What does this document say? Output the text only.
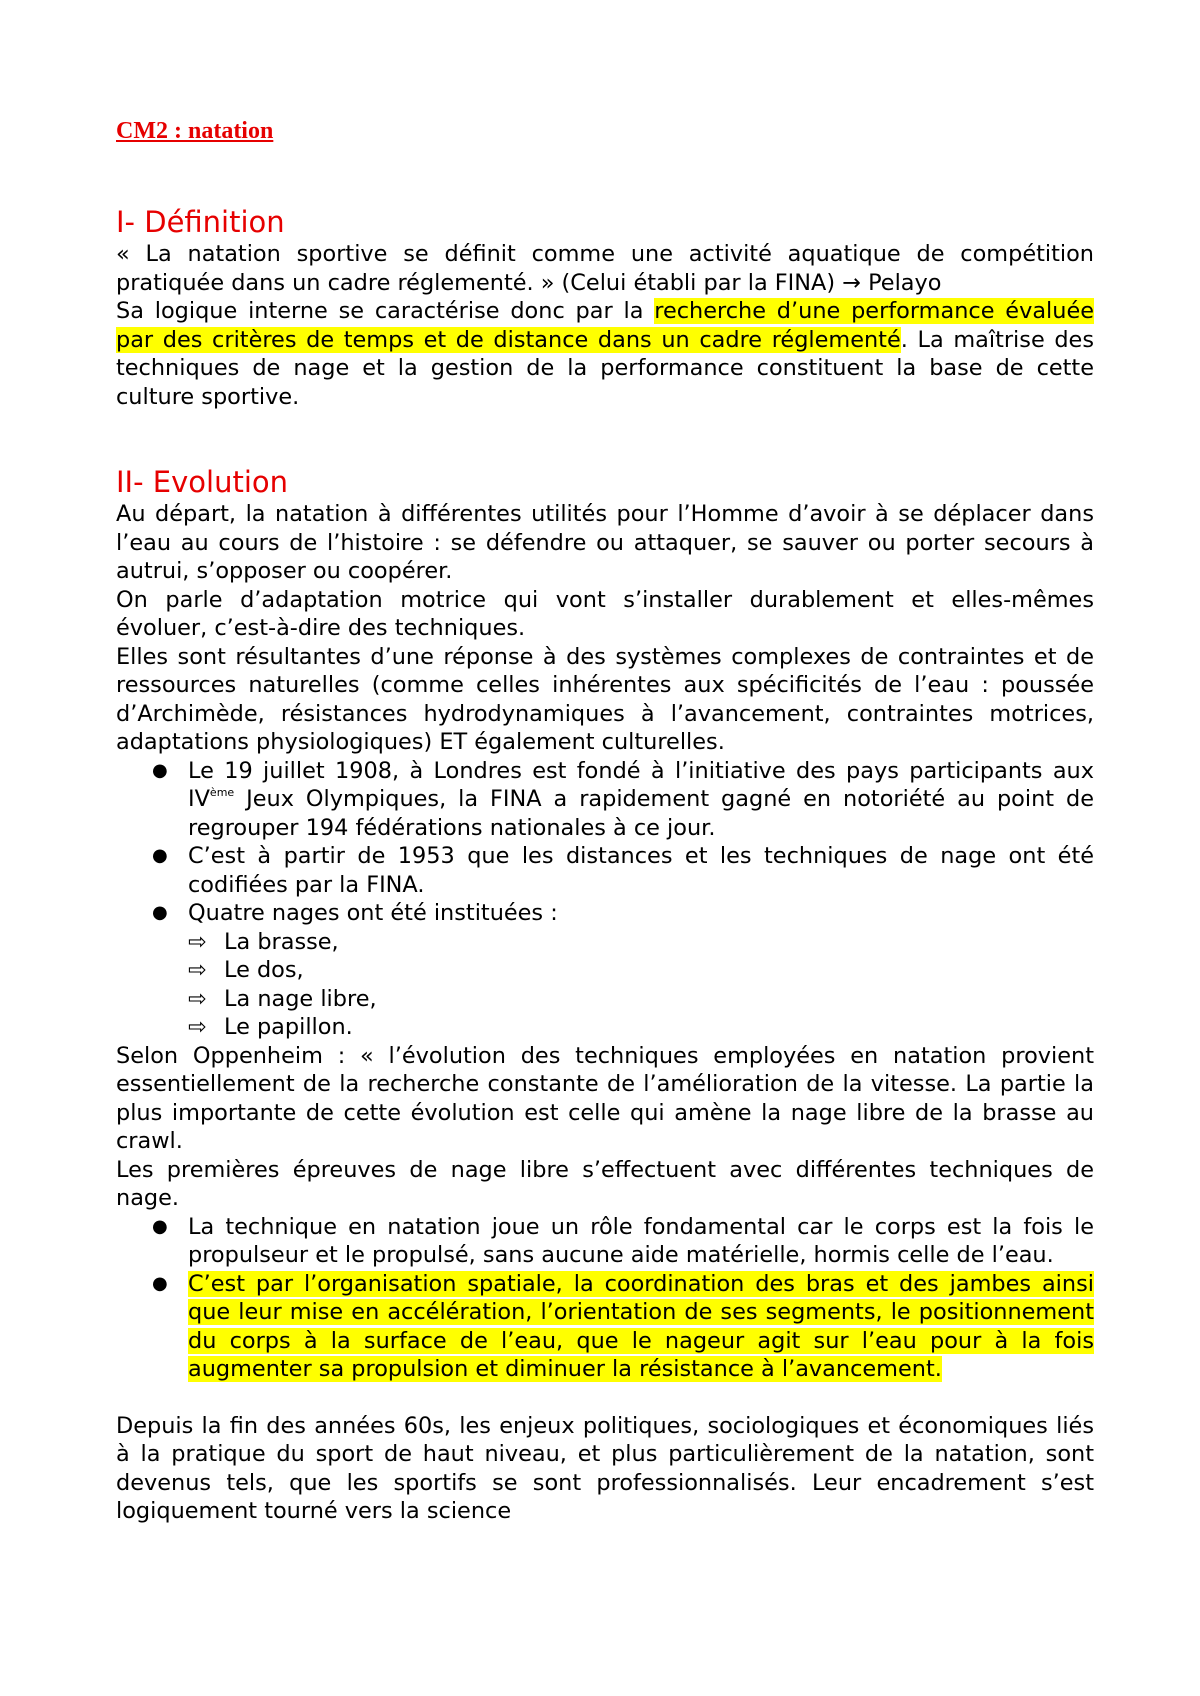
CM2 : natation
I- Définition

« La natation sportive se définit comme une activité aquatique de compétition pratiquée dans un cadre réglementé. » (Celui établi par la FINA) → Pelayo

Sa logique interne se caractérise donc par la recherche d’une performance évaluée par des critères de temps et de distance dans un cadre réglementé. La maîtrise des techniques de nage et la gestion de la performance constituent la base de cette culture sportive.

II- Evolution

Au départ, la natation à différentes utilités pour l’Homme d’avoir à se déplacer dans l’eau au cours de l’histoire : se défendre ou attaquer, se sauver ou porter secours à autrui, s’opposer ou coopérer.

On parle d’adaptation motrice qui vont s’installer durablement et elles-mêmes évoluer, c’est-à-dire des techniques.

Elles sont résultantes d’une réponse à des systèmes complexes de contraintes et de ressources naturelles (comme celles inhérentes aux spécificités de l’eau : poussée d’Archimède, résistances hydrodynamiques à l’avancement, contraintes motrices, adaptations physiologiques) ET également culturelles.

● Le 19 juillet 1908, à Londres est fondé à l’initiative des pays participants aux IVème Jeux Olympiques, la FINA a rapidement gagné en notoriété au point de regrouper 194 fédérations nationales à ce jour.
● C’est à partir de 1953 que les distances et les techniques de nage ont été codifiées par la FINA.
● Quatre nages ont été instituées :
⇨ La brasse,
⇨ Le dos,
⇨ La nage libre,
⇨ Le papillon.

Selon Oppenheim : « l’évolution des techniques employées en natation provient essentiellement de la recherche constante de l’amélioration de la vitesse. La partie la plus importante de cette évolution est celle qui amène la nage libre de la brasse au crawl.

Les premières épreuves de nage libre s’effectuent avec différentes techniques de nage.

● La technique en natation joue un rôle fondamental car le corps est la fois le propulseur et le propulsé, sans aucune aide matérielle, hormis celle de l’eau.
● C’est par l’organisation spatiale, la coordination des bras et des jambes ainsi que leur mise en accélération, l’orientation de ses segments, le positionnement du corps à la surface de l’eau, que le nageur agit sur l’eau pour à la fois augmenter sa propulsion et diminuer la résistance à l’avancement.

Depuis la fin des années 60s, les enjeux politiques, sociologiques et économiques liés à la pratique du sport de haut niveau, et plus particulièrement de la natation, sont devenus tels, que les sportifs se sont professionnalisés. Leur encadrement s’est logiquement tourné vers la science
